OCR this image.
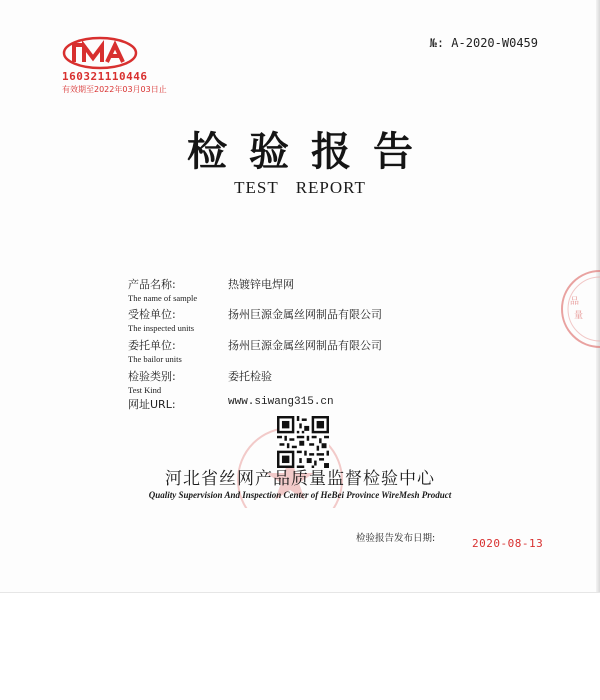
160321110446
有效期至2022年03月03日止
№: A-2020-W0459
检验报告
TEST REPORT
品
量
产品名称:
The name of sample
热镀锌电焊网
受检单位:
The inspected units
扬州巨源金属丝网制品有限公司
委托单位:
The bailor units
扬州巨源金属丝网制品有限公司
检验类别:
Test Kind
委托检验
网址URL:	www.siwang315.cn
河北省丝网产品质量监督检验中心
Quality Supervision And Inspection Center of HeBei Province WireMesh Product
检验报告发布日期:	2020-08-13
